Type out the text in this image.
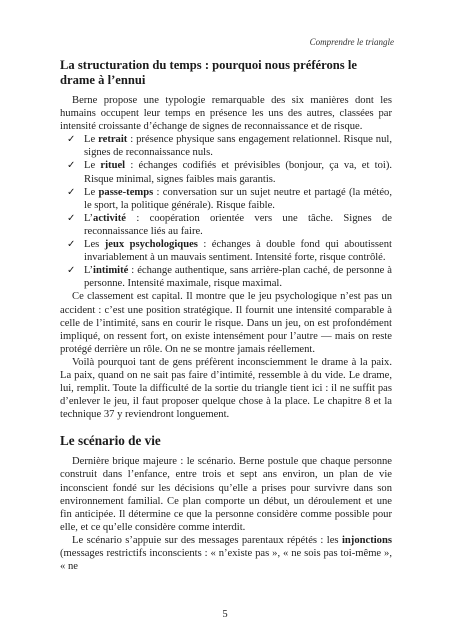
Comprendre le triangle
La structuration du temps : pourquoi nous préférons le drame à l’ennui

Berne propose une typologie remarquable des six manières dont les humains occupent leur temps en présence les uns des autres, classées par intensité croissante d’échange de signes de reconnaissance et de risque.

✓ Le retrait : présence physique sans engagement relationnel. Risque nul, signes de reconnaissance nuls.
✓ Le rituel : échanges codifiés et prévisibles (bonjour, ça va, et toi). Risque minimal, signes faibles mais garantis.
✓ Le passe-temps : conversation sur un sujet neutre et partagé (la météo, le sport, la politique générale). Risque faible.
✓ L’activité : coopération orientée vers une tâche. Signes de reconnaissance liés au faire.
✓ Les jeux psychologiques : échanges à double fond qui aboutissent invariablement à un mauvais sentiment. Intensité forte, risque contrôlé.
✓ L’intimité : échange authentique, sans arrière-plan caché, de personne à personne. Intensité maximale, risque maximal.

Ce classement est capital. Il montre que le jeu psychologique n’est pas un accident : c’est une position stratégique. Il fournit une intensité comparable à celle de l’intimité, sans en courir le risque. Dans un jeu, on est profondément impliqué, on ressent fort, on existe intensément pour l’autre — mais on reste protégé derrière un rôle. On ne se montre jamais réellement.

Voilà pourquoi tant de gens préfèrent inconsciemment le drame à la paix. La paix, quand on ne sait pas faire d’intimité, ressemble à du vide. Le drame, lui, remplit. Toute la difficulté de la sortie du triangle tient ici : il ne suffit pas d’enlever le jeu, il faut proposer quelque chose à la place. Le chapitre 8 et la technique 37 y reviendront longuement.

Le scénario de vie

Dernière brique majeure : le scénario. Berne postule que chaque personne construit dans l’enfance, entre trois et sept ans environ, un plan de vie inconscient fondé sur les décisions qu’elle a prises pour survivre dans son environnement familial. Ce plan comporte un début, un déroulement et une fin anticipée. Il détermine ce que la personne considère comme possible pour elle, et ce qu’elle considère comme interdit.

Le scénario s’appuie sur des messages parentaux répétés : les injonctions (messages restrictifs inconscients : « n’existe pas », « ne sois pas toi-même », « ne

5
